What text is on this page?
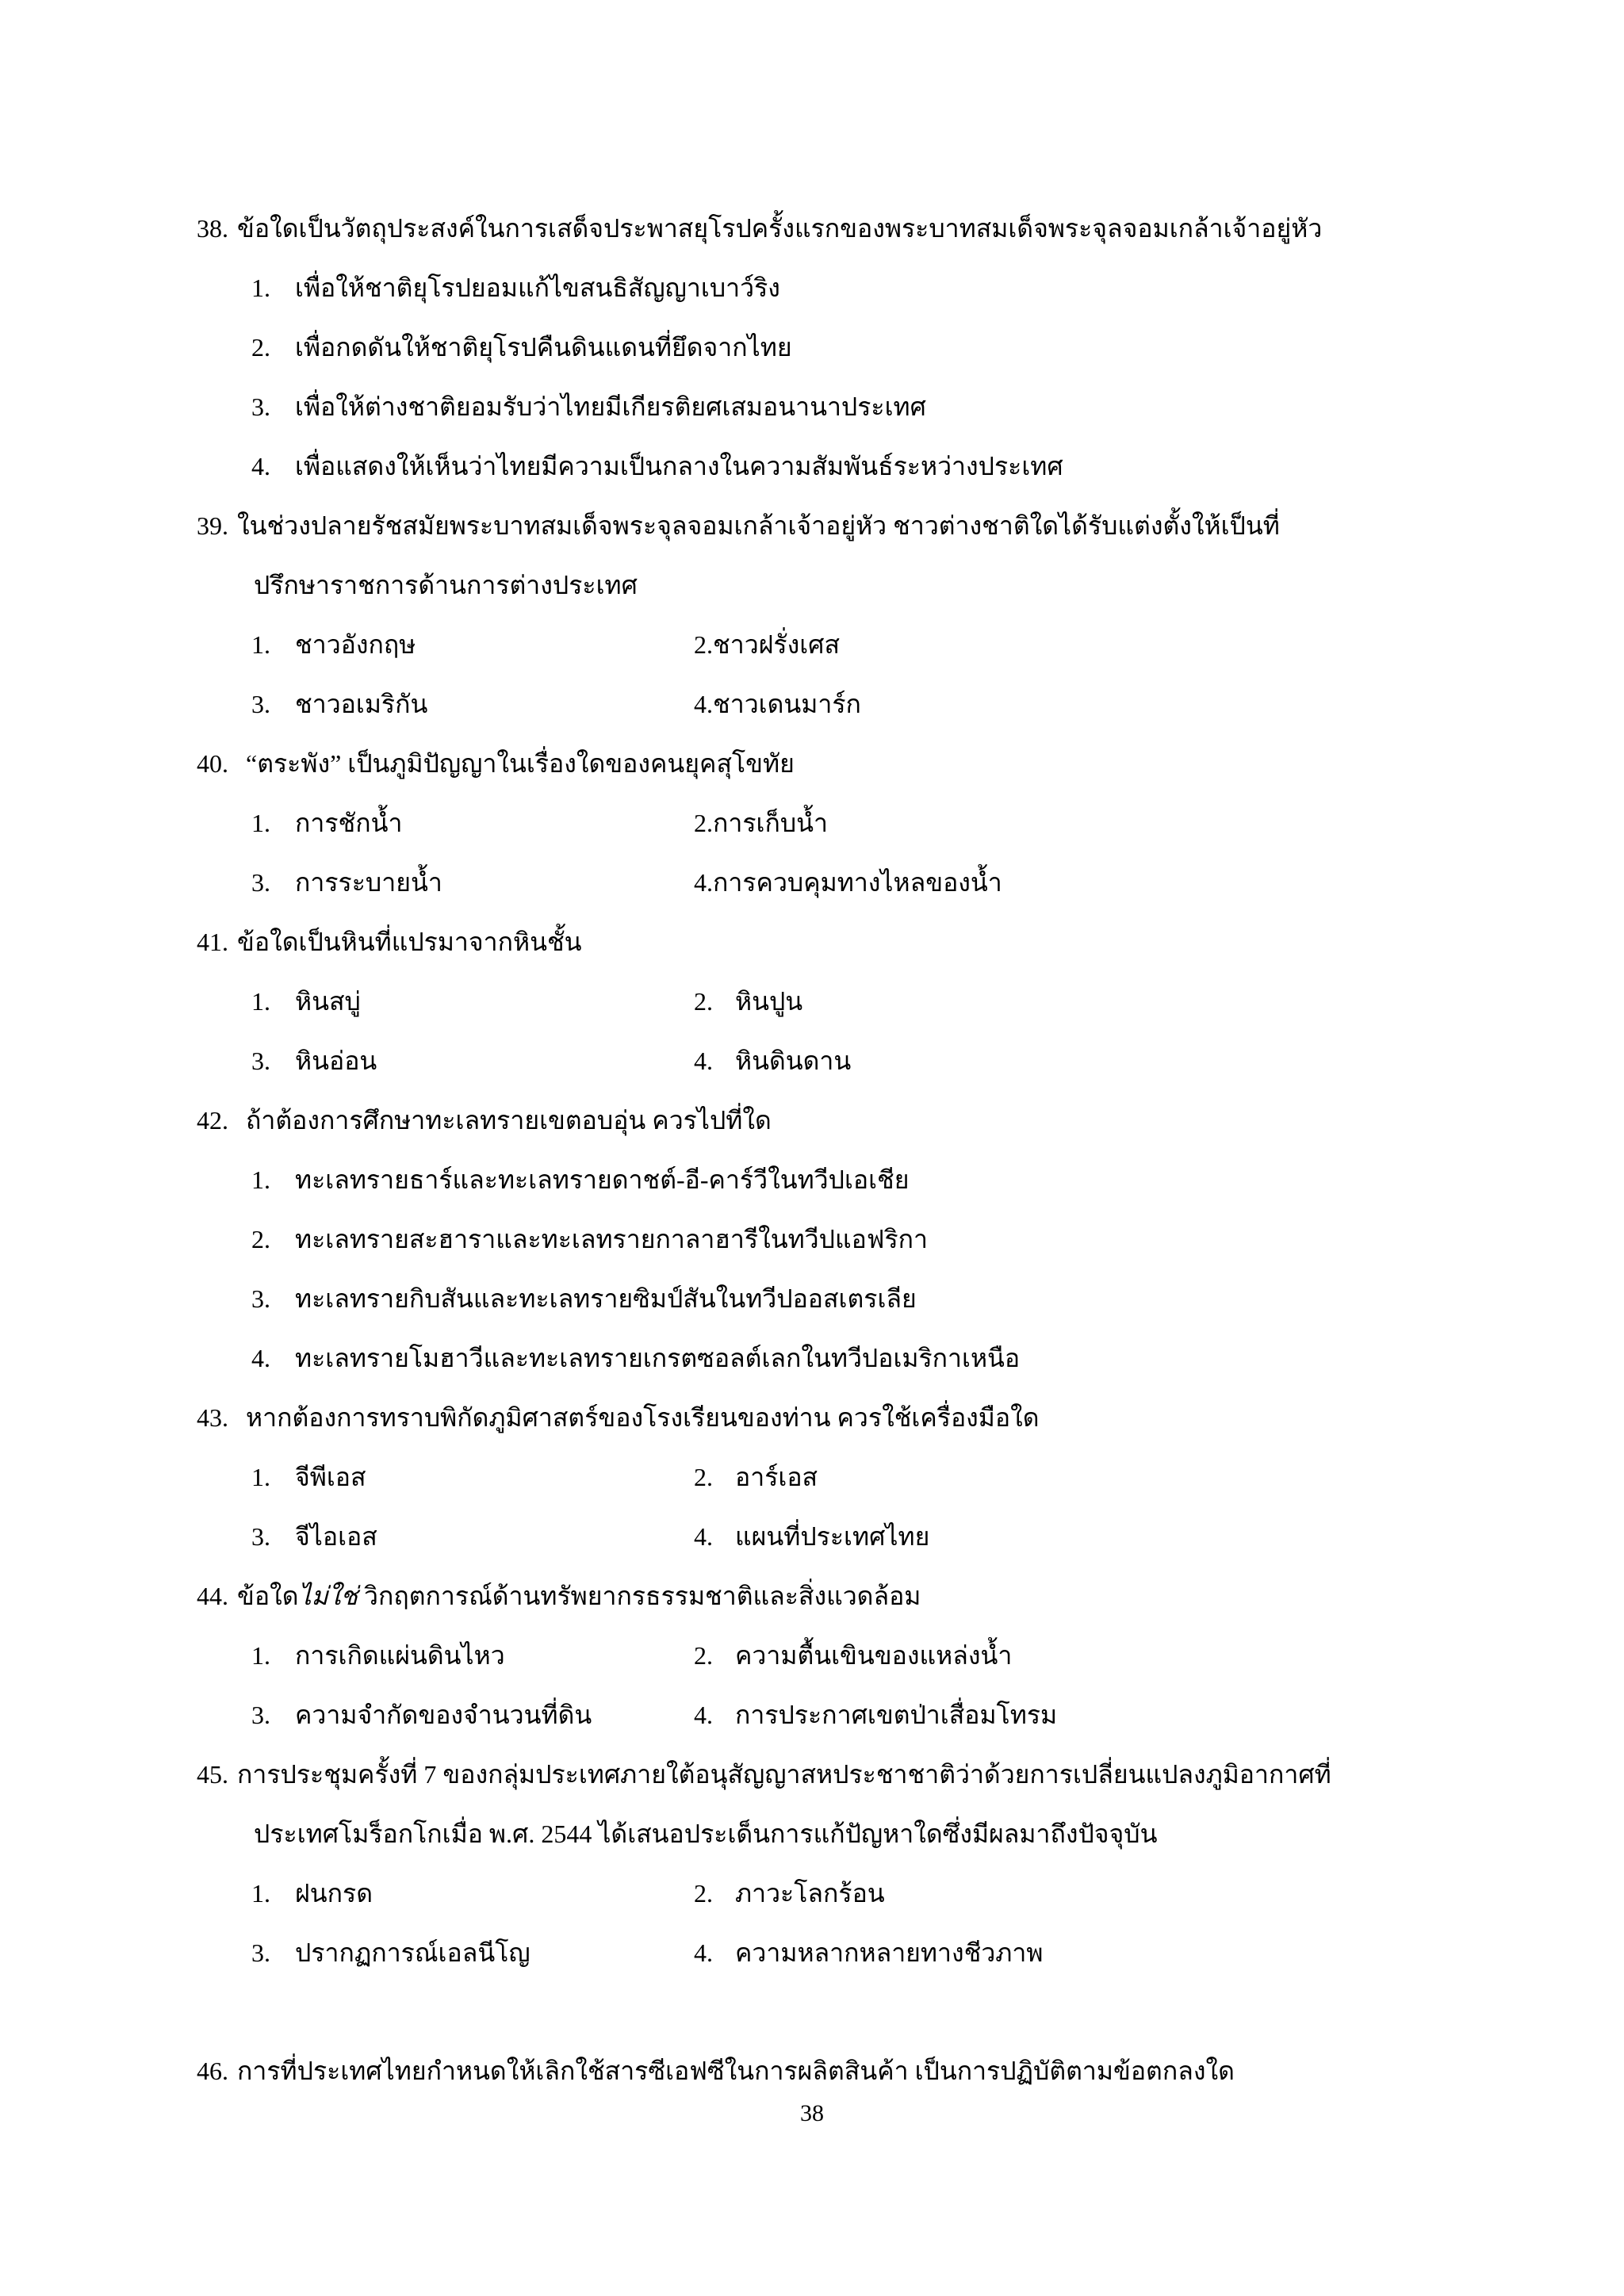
38. ข้อใดเป็นวัตถุประสงค์ในการเสด็จประพาสยุโรปครั้งแรกของพระบาทสมเด็จพระจุลจอมเกล้าเจ้าอยู่หัว
1. เพื่อให้ชาติยุโรปยอมแก้ไขสนธิสัญญาเบาว์ริง
2. เพื่อกดดันให้ชาติยุโรปคืนดินแดนที่ยึดจากไทย
3. เพื่อให้ต่างชาติยอมรับว่าไทยมีเกียรติยศเสมอนานาประเทศ
4. เพื่อแสดงให้เห็นว่าไทยมีความเป็นกลางในความสัมพันธ์ระหว่างประเทศ
39. ในช่วงปลายรัชสมัยพระบาทสมเด็จพระจุลจอมเกล้าเจ้าอยู่หัว ชาวต่างชาติใดได้รับแต่งตั้งให้เป็นที่
ปรึกษาราชการด้านการต่างประเทศ
1. ชาวอังกฤษ	2. ชาวฝรั่งเศส
3. ชาวอเมริกัน	4. ชาวเดนมาร์ก
40. “ตระพัง” เป็นภูมิปัญญาในเรื่องใดของคนยุคสุโขทัย
1. การชักน้ำ	2. การเก็บน้ำ
3. การระบายน้ำ	4. การควบคุมทางไหลของน้ำ
41. ข้อใดเป็นหินที่แปรมาจากหินชั้น
1. หินสบู่	2. หินปูน
3. หินอ่อน	4. หินดินดาน
42. ถ้าต้องการศึกษาทะเลทรายเขตอบอุ่น ควรไปที่ใด
1. ทะเลทรายธาร์และทะเลทรายดาชต์-อี-คาร์วีในทวีปเอเชีย
2. ทะเลทรายสะฮาราและทะเลทรายกาลาฮารีในทวีปแอฟริกา
3. ทะเลทรายกิบสันและทะเลทรายซิมป์สันในทวีปออสเตรเลีย
4. ทะเลทรายโมฮาวีและทะเลทรายเกรตซอลต์เลกในทวีปอเมริกาเหนือ
43. หากต้องการทราบพิกัดภูมิศาสตร์ของโรงเรียนของท่าน ควรใช้เครื่องมือใด
1. จีพีเอส	2. อาร์เอส
3. จีไอเอส	4. แผนที่ประเทศไทย
44. ข้อใด ไม่ใช่ วิกฤตการณ์ด้านทรัพยากรธรรมชาติและสิ่งแวดล้อม
1. การเกิดแผ่นดินไหว	2. ความตื้นเขินของแหล่งน้ำ
3. ความจำกัดของจำนวนที่ดิน	4. การประกาศเขตป่าเสื่อมโทรม
45. การประชุมครั้งที่ 7 ของกลุ่มประเทศภายใต้อนุสัญญาสหประชาชาติว่าด้วยการเปลี่ยนแปลงภูมิอากาศที่
ประเทศโมร็อกโกเมื่อ พ.ศ. 2544 ได้เสนอประเด็นการแก้ปัญหาใดซึ่งมีผลมาถึงปัจจุบัน
1. ฝนกรด	2. ภาวะโลกร้อน
3. ปรากฏการณ์เอลนีโญ	4. ความหลากหลายทางชีวภาพ
46. การที่ประเทศไทยกำหนดให้เลิกใช้สารซีเอฟซีในการผลิตสินค้า เป็นการปฏิบัติตามข้อตกลงใด
38
